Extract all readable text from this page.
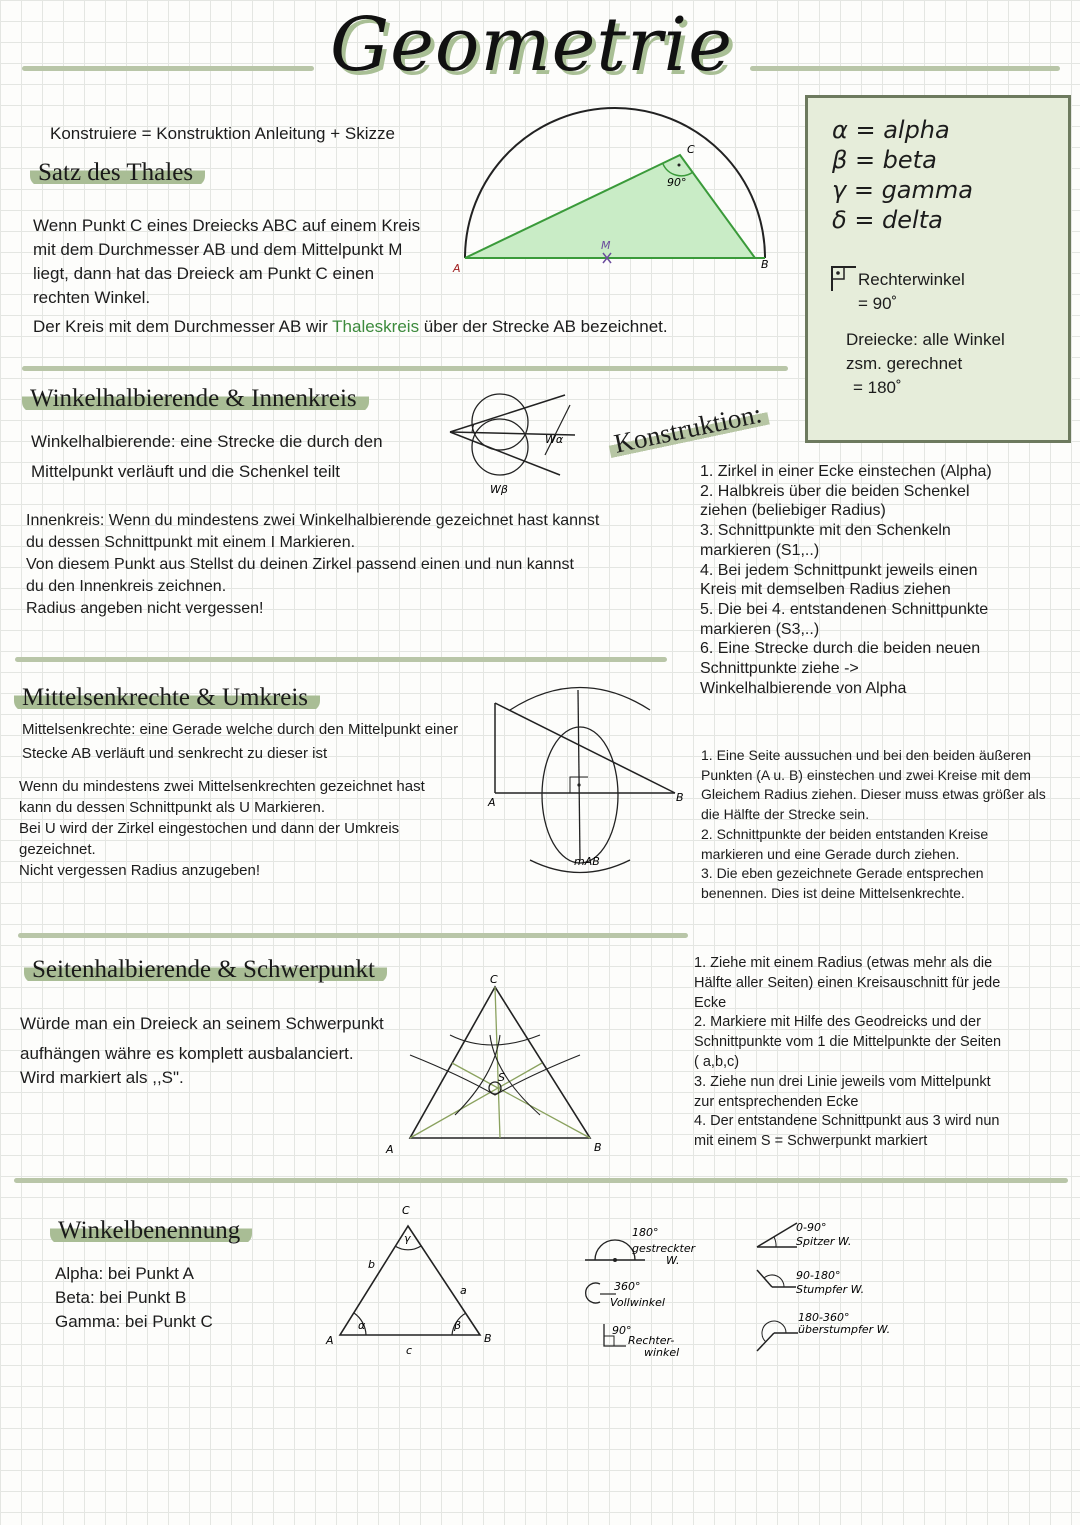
Geometrie
Konstruiere = Konstruktion Anleitung + Skizze	α = alpha
β = beta
γ = gamma
δ = delta
Rechterwinkel
= 90˚
Dreiecke: alle Winkel
zsm. gerechnet
= 180˚
Satz des Thales
Wenn Punkt C eines Dreiecks ABC auf einem Kreis
mit dem Durchmesser AB und dem Mittelpunkt M
liegt, dann hat das Dreieck am Punkt C einen
rechten Winkel.
Der Kreis mit dem Durchmesser AB wir Thaleskreis über der Strecke AB bezeichnet.
90°
A	B
C
M
Winkelhalbierende & Innenkreis
Winkelhalbierende: eine Strecke die durch den
Mittelpunkt verläuft und die Schenkel teilt
Wα
Wβ
Innenkreis: Wenn du mindestens zwei Winkelhalbierende gezeichnet hast kannst
du dessen Schnittpunkt mit einem I Markieren.
Von diesem Punkt aus Stellst du deinen Zirkel passend einen und nun kannst
du den Innenkreis zeichnen.
Radius angeben nicht vergessen!
Konstruktion:
1. Zirkel in einer Ecke einstechen (Alpha)
2. Halbkreis über die beiden Schenkel
ziehen (beliebiger Radius)
3. Schnittpunkte mit den Schenkeln
markieren (S1,..)
4. Bei jedem Schnittpunkt jeweils einen
Kreis mit demselben Radius ziehen
5. Die bei 4. entstandenen Schnittpunkte
markieren (S3,..)
6. Eine Strecke durch die beiden neuen
Schnittpunkte ziehe ->
Winkelhalbierende von Alpha
Mittelsenkrechte & Umkreis
Mittelsenkrechte: eine Gerade welche durch den Mittelpunkt einer
Stecke AB verläuft und senkrecht zu dieser ist
Wenn du mindestens zwei Mittelsenkrechten gezeichnet hast
kann du dessen Schnittpunkt als U Markieren.
Bei U wird der Zirkel eingestochen und dann der Umkreis
gezeichnet.
Nicht vergessen Radius anzugeben!
A	B
mAB
1. Eine Seite aussuchen und bei den beiden äußeren
Punkten (A u. B) einstechen und zwei Kreise mit dem
Gleichem Radius ziehen. Dieser muss etwas größer als
die Hälfte der Strecke sein.
2. Schnittpunkte der beiden entstanden Kreise
markieren und eine Gerade durch ziehen.
3. Die eben gezeichnete Gerade entsprechen
benennen. Dies ist deine Mittelsenkrechte.
Seitenhalbierende & Schwerpunkt
Würde man ein Dreieck an seinem Schwerpunkt
aufhängen währe es komplett ausbalanciert.
Wird markiert als ,,S".
C
A	B
S
1. Ziehe mit einem Radius (etwas mehr als die
Hälfte aller Seiten) einen Kreisauschnitt für jede
Ecke
2. Markiere mit Hilfe des Geodreicks und der
Schnittpunkte vom 1 die Mittelpunkte der Seiten
( a,b,c)
3. Ziehe nun drei Linie jeweils vom Mittelpunkt
zur entsprechenden Ecke
4. Der entstandene Schnittpunkt aus 3 wird nun
mit einem S = Schwerpunkt markiert
Winkelbenennung
Alpha: bei Punkt A
Beta: bei Punkt B
Gamma: bei Punkt C
C
γ
b
a
α	β
A	B
c
180°
gestreckter
W.
360°
Vollwinkel
90°
Rechter-
winkel
0-90°
Spitzer W.
90-180°
Stumpfer W.
180-360°
überstumpfer W.
